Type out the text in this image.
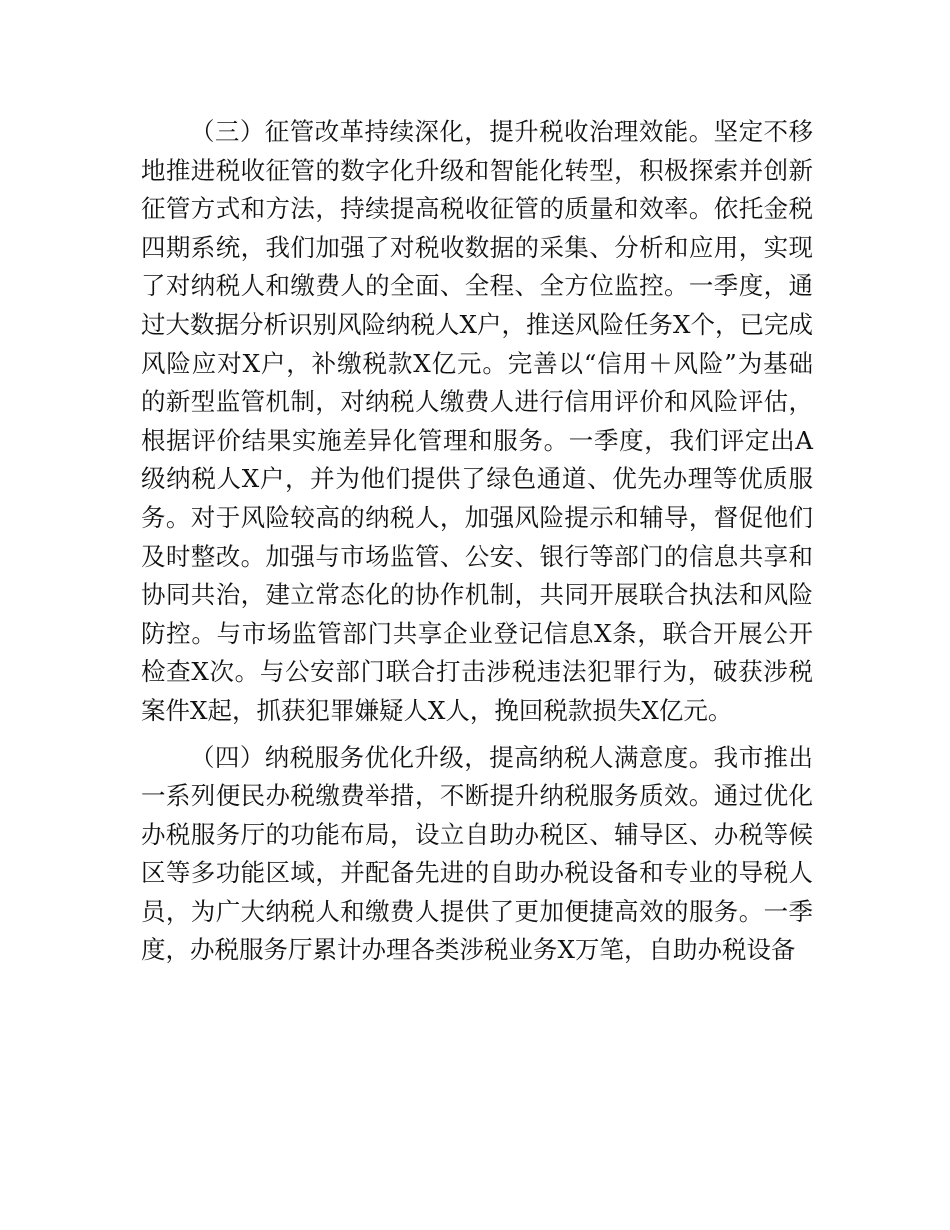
（三）征管改革持续深化，提升税收治理效能。坚定不移地推进税收征管的数字化升级和智能化转型，积极探索并创新征管方式和方法，持续提高税收征管的质量和效率。依托金税四期系统，我们加强了对税收数据的采集、分析和应用，实现了对纳税人和缴费人的全面、全程、全方位监控。一季度，通过大数据分析识别风险纳税人X户，推送风险任务X个，已完成风险应对X户，补缴税款X亿元。完善以“信用＋风险”为基础的新型监管机制，对纳税人缴费人进行信用评价和风险评估，根据评价结果实施差异化管理和服务。一季度，我们评定出A级纳税人X户，并为他们提供了绿色通道、优先办理等优质服务。对于风险较高的纳税人，加强风险提示和辅导，督促他们及时整改。加强与市场监管、公安、银行等部门的信息共享和协同共治，建立常态化的协作机制，共同开展联合执法和风险防控。与市场监管部门共享企业登记信息X条，联合开展公开检查X次。与公安部门联合打击涉税违法犯罪行为，破获涉税案件X起，抓获犯罪嫌疑人X人，挽回税款损失X亿元。

（四）纳税服务优化升级，提高纳税人满意度。我市推出一系列便民办税缴费举措，不断提升纳税服务质效。通过优化办税服务厅的功能布局，设立自助办税区、辅导区、办税等候区等多功能区域，并配备先进的自助办税设备和专业的导税人员，为广大纳税人和缴费人提供了更加便捷高效的服务。一季度，办税服务厅累计办理各类涉税业务X万笔，自助办税设备
